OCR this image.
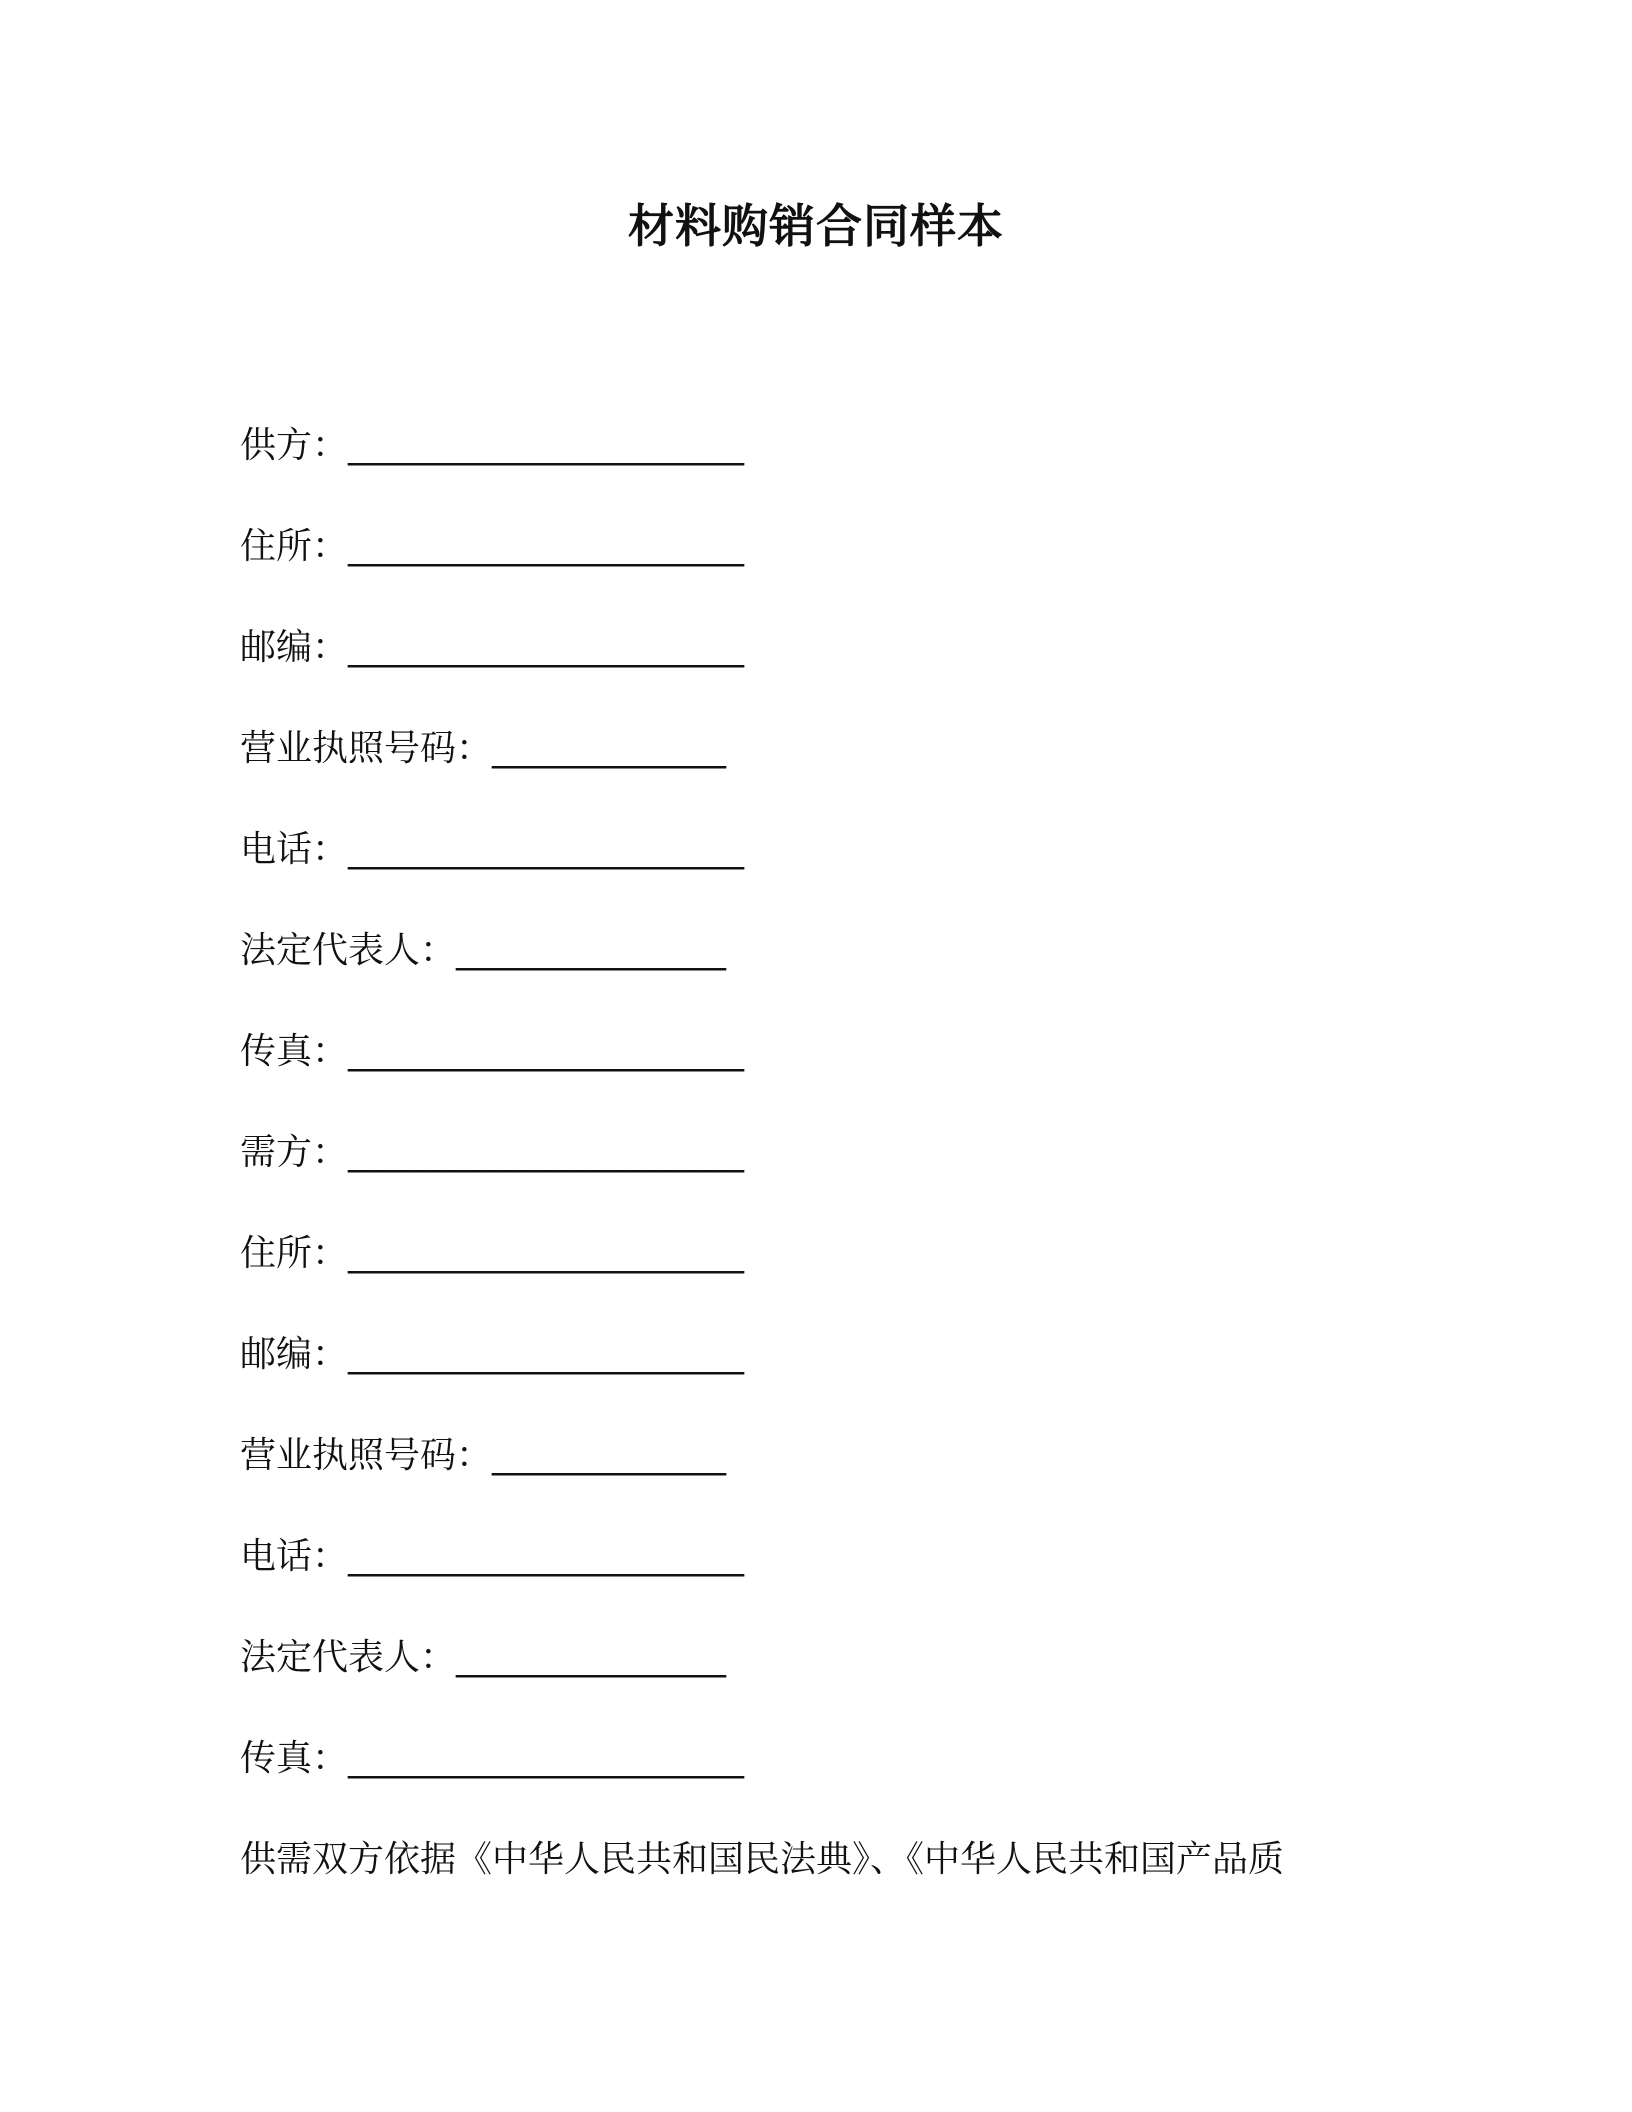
材料购销合同样本
供方：______________________
住所：______________________
邮编：______________________
营业执照号码：_____________
电话：______________________
法定代表人：_______________
传真：______________________
需方：______________________
住所：______________________
邮编：______________________
营业执照号码：_____________
电话：______________________
法定代表人：_______________
传真：______________________

供需双方依据《中华人民共和国民法典》、《中华人民共和国产品质
